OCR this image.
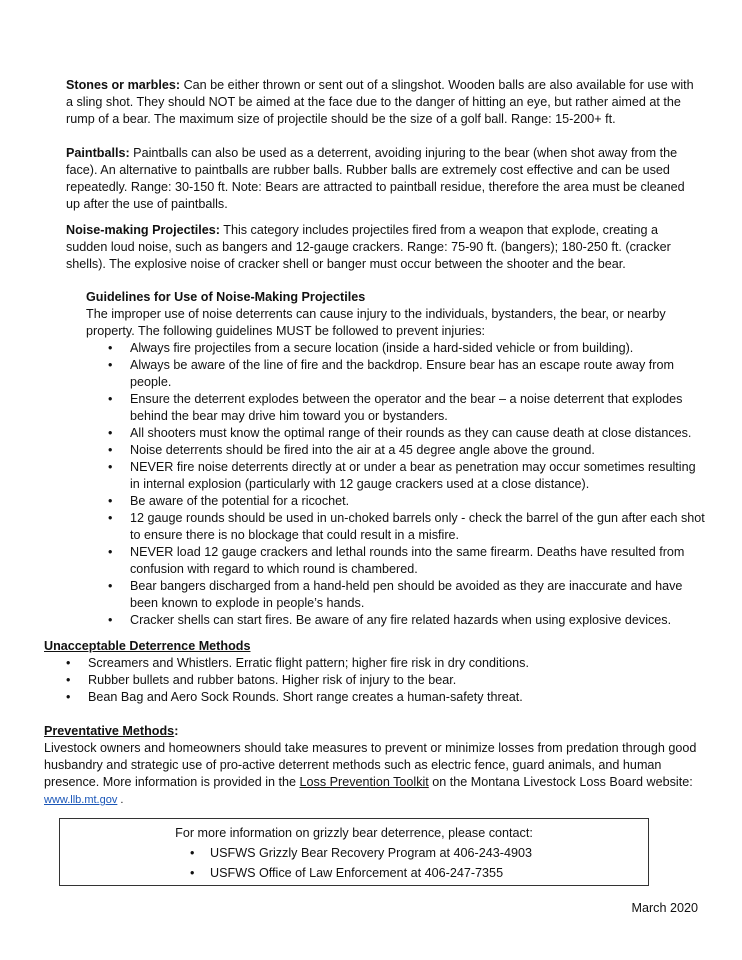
Stones or marbles: Can be either thrown or sent out of a slingshot. Wooden balls are also available for use with a sling shot. They should NOT be aimed at the face due to the danger of hitting an eye, but rather aimed at the rump of a bear. The maximum size of projectile should be the size of a golf ball. Range: 15-200+ ft.

Paintballs: Paintballs can also be used as a deterrent, avoiding injuring to the bear (when shot away from the face). An alternative to paintballs are rubber balls. Rubber balls are extremely cost effective and can be used repeatedly. Range: 30-150 ft. Note: Bears are attracted to paintball residue, therefore the area must be cleaned up after the use of paintballs.

Noise-making Projectiles: This category includes projectiles fired from a weapon that explode, creating a sudden loud noise, such as bangers and 12-gauge crackers. Range: 75-90 ft. (bangers); 180-250 ft. (cracker shells). The explosive noise of cracker shell or banger must occur between the shooter and the bear.

Guidelines for Use of Noise-Making Projectiles
The improper use of noise deterrents can cause injury to the individuals, bystanders, the bear, or nearby property. The following guidelines MUST be followed to prevent injuries:
• Always fire projectiles from a secure location (inside a hard-sided vehicle or from building).
• Always be aware of the line of fire and the backdrop. Ensure bear has an escape route away from people.
• Ensure the deterrent explodes between the operator and the bear – a noise deterrent that explodes behind the bear may drive him toward you or bystanders.
• All shooters must know the optimal range of their rounds as they can cause death at close distances.
• Noise deterrents should be fired into the air at a 45 degree angle above the ground.
• NEVER fire noise deterrents directly at or under a bear as penetration may occur sometimes resulting in internal explosion (particularly with 12 gauge crackers used at a close distance).
• Be aware of the potential for a ricochet.
• 12 gauge rounds should be used in un-choked barrels only - check the barrel of the gun after each shot to ensure there is no blockage that could result in a misfire.
• NEVER load 12 gauge crackers and lethal rounds into the same firearm. Deaths have resulted from confusion with regard to which round is chambered.
• Bear bangers discharged from a hand-held pen should be avoided as they are inaccurate and have been known to explode in people’s hands.
• Cracker shells can start fires. Be aware of any fire related hazards when using explosive devices.
Unacceptable Deterrence Methods
• Screamers and Whistlers. Erratic flight pattern; higher fire risk in dry conditions.
• Rubber bullets and rubber batons. Higher risk of injury to the bear.
• Bean Bag and Aero Sock Rounds. Short range creates a human-safety threat.
Preventative Methods:
Livestock owners and homeowners should take measures to prevent or minimize losses from predation through good husbandry and strategic use of pro-active deterrent methods such as electric fence, guard animals, and human presence. More information is provided in the Loss Prevention Toolkit on the Montana Livestock Loss Board website:
www.llb.mt.gov .
For more information on grizzly bear deterrence, please contact:
• USFWS Grizzly Bear Recovery Program at 406-243-4903
• USFWS Office of Law Enforcement at 406-247-7355
March 2020
